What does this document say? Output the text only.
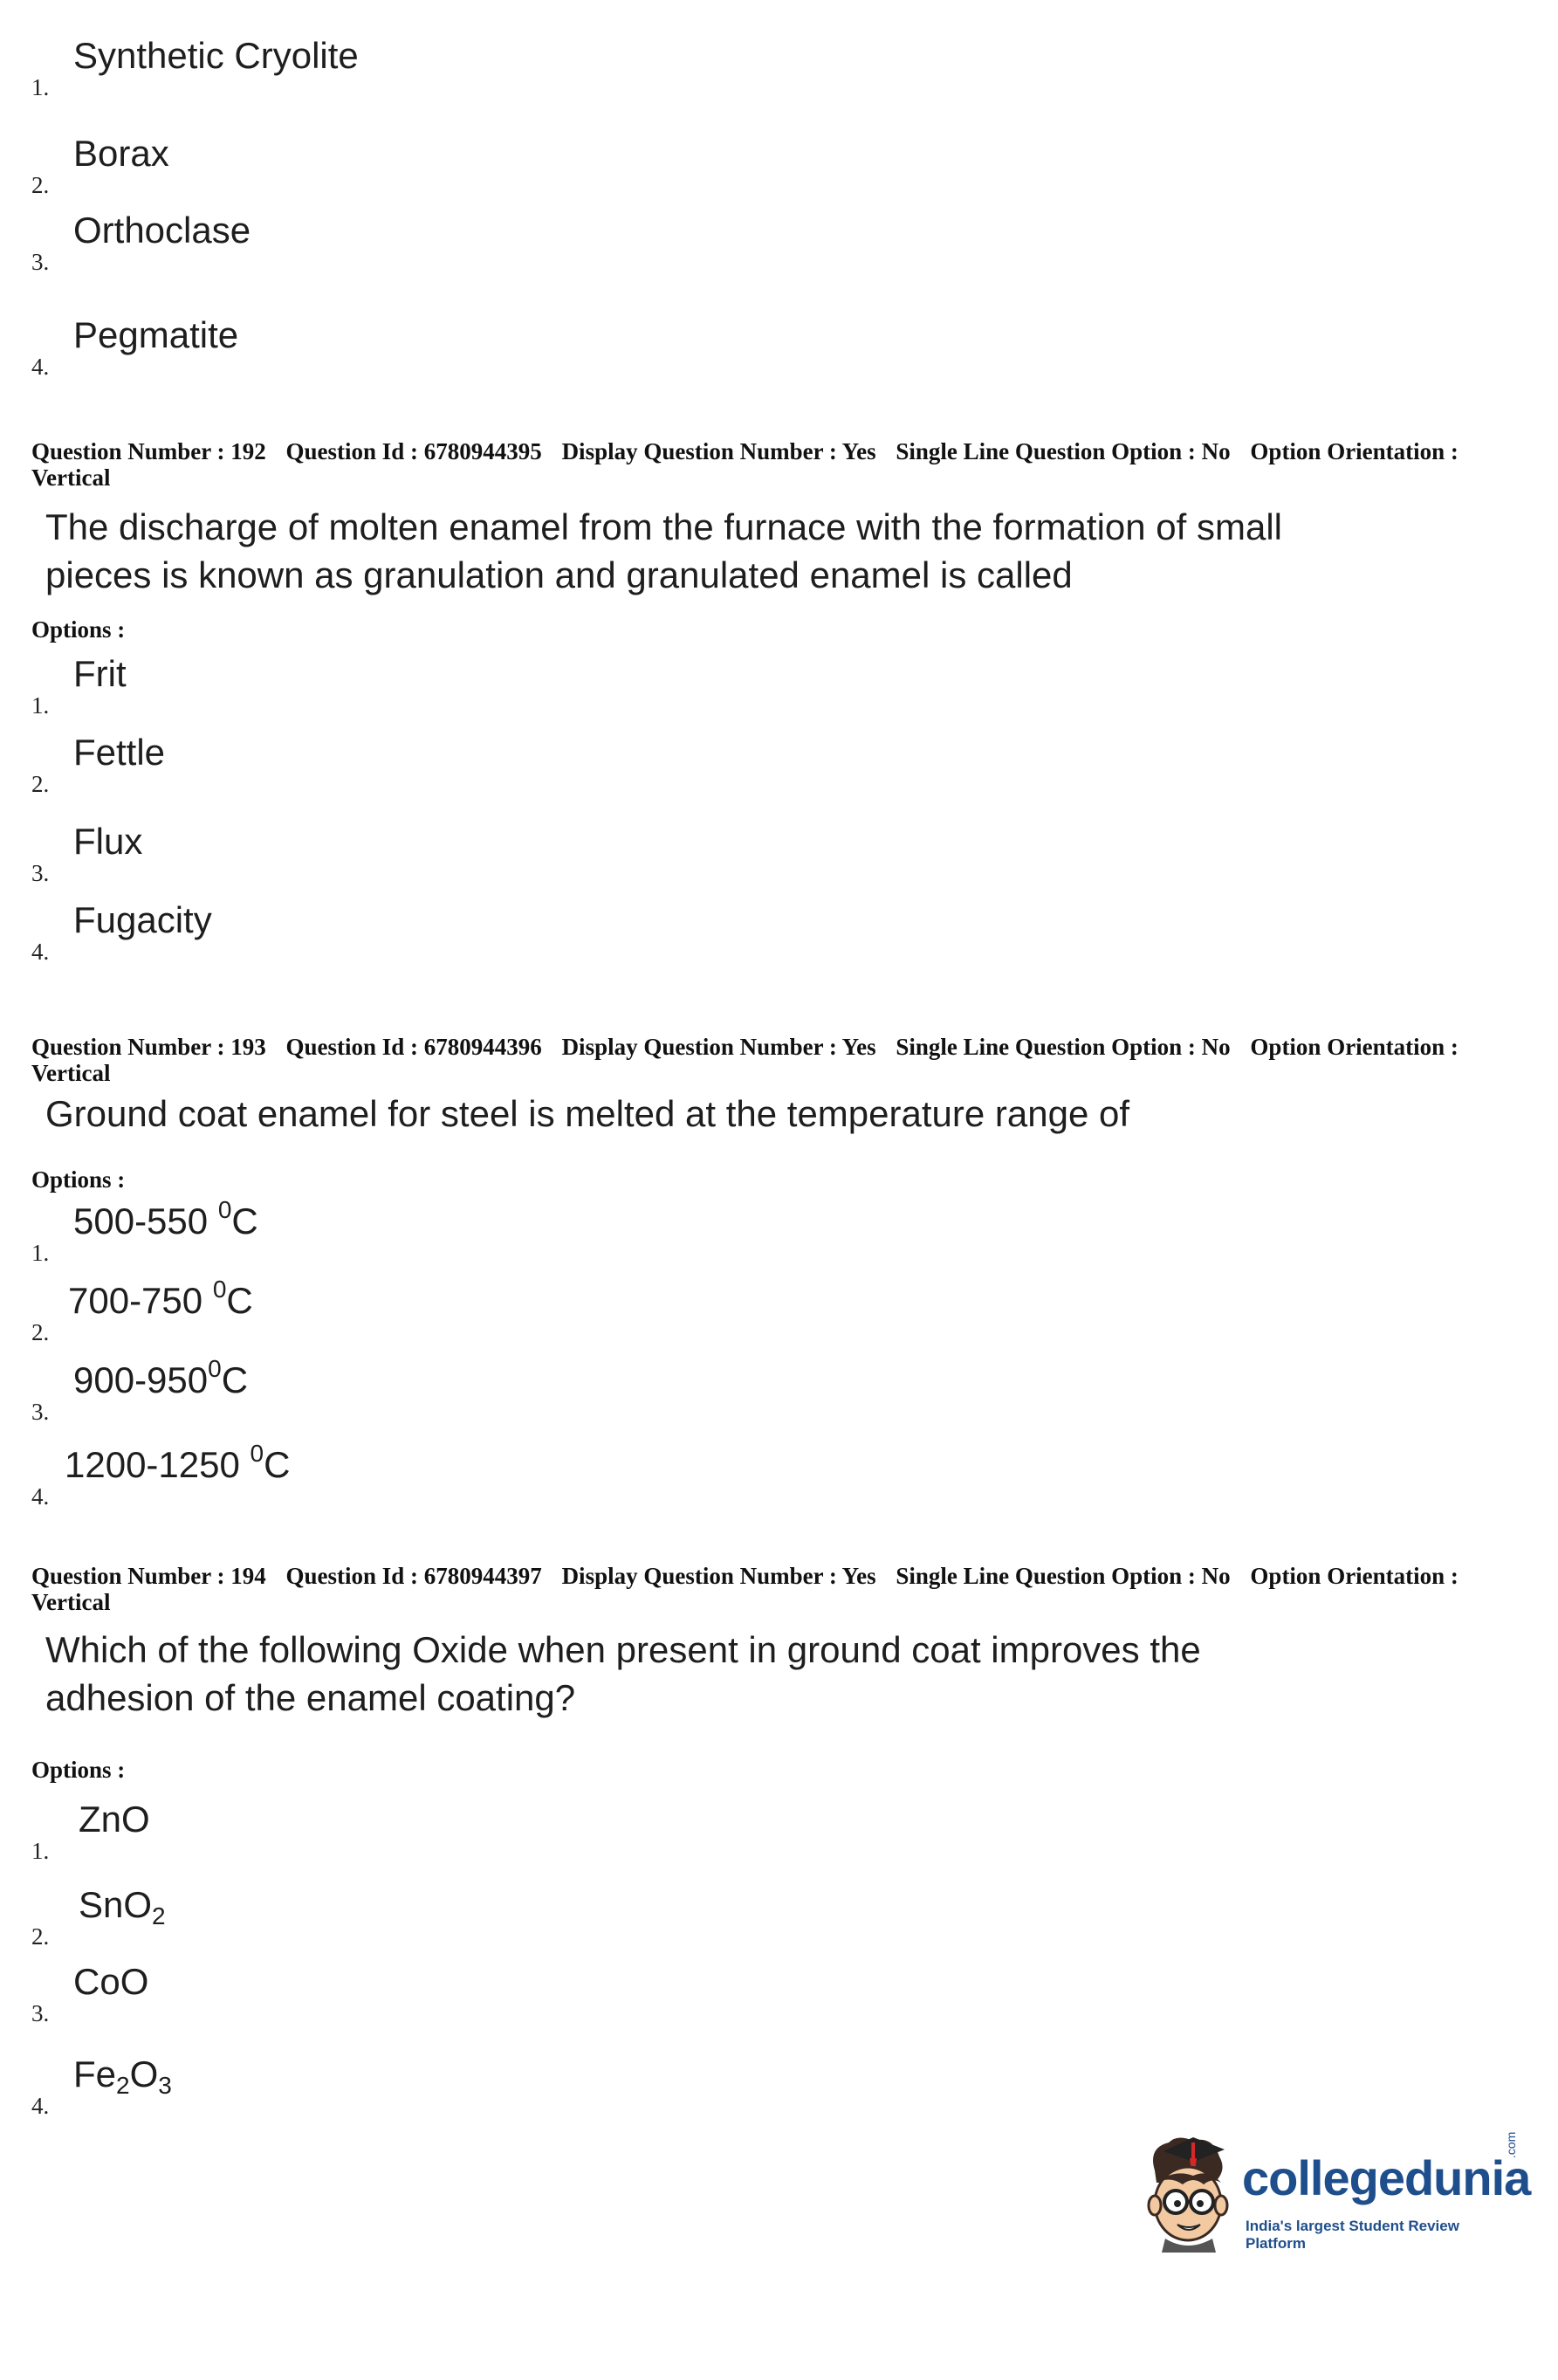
1.
Synthetic Cryolite
2.
Borax
3.
Orthoclase
4.
Pegmatite
Question Number : 192 Question Id : 6780944395 Display Question Number : Yes Single Line Question Option : No Option Orientation : Vertical
The discharge of molten enamel from the furnace with the formation of small pieces is known as granulation and granulated enamel is called
Options :
1.
Frit
2.
Fettle
3.
Flux
4.
Fugacity
Question Number : 193 Question Id : 6780944396 Display Question Number : Yes Single Line Question Option : No Option Orientation : Vertical
Ground coat enamel for steel is melted at the temperature range of
Options :
1.
500-550 $^0$C
2.
700-750 $^0$C
3.
$900-950^0C$
4.
1200-1250 $^0$C
Question Number : 194 Question Id : 6780944397 Display Question Number : Yes Single Line Question Option : No Option Orientation : Vertical
Which of the following Oxide when present in ground coat improves the adhesion of the enamel coating?
Options :
1.
ZnO
2.
SnO$_2$
3.
CoO
4.
$Fe_2O_3$
collegedunia
.com
India's largest Student Review Platform
